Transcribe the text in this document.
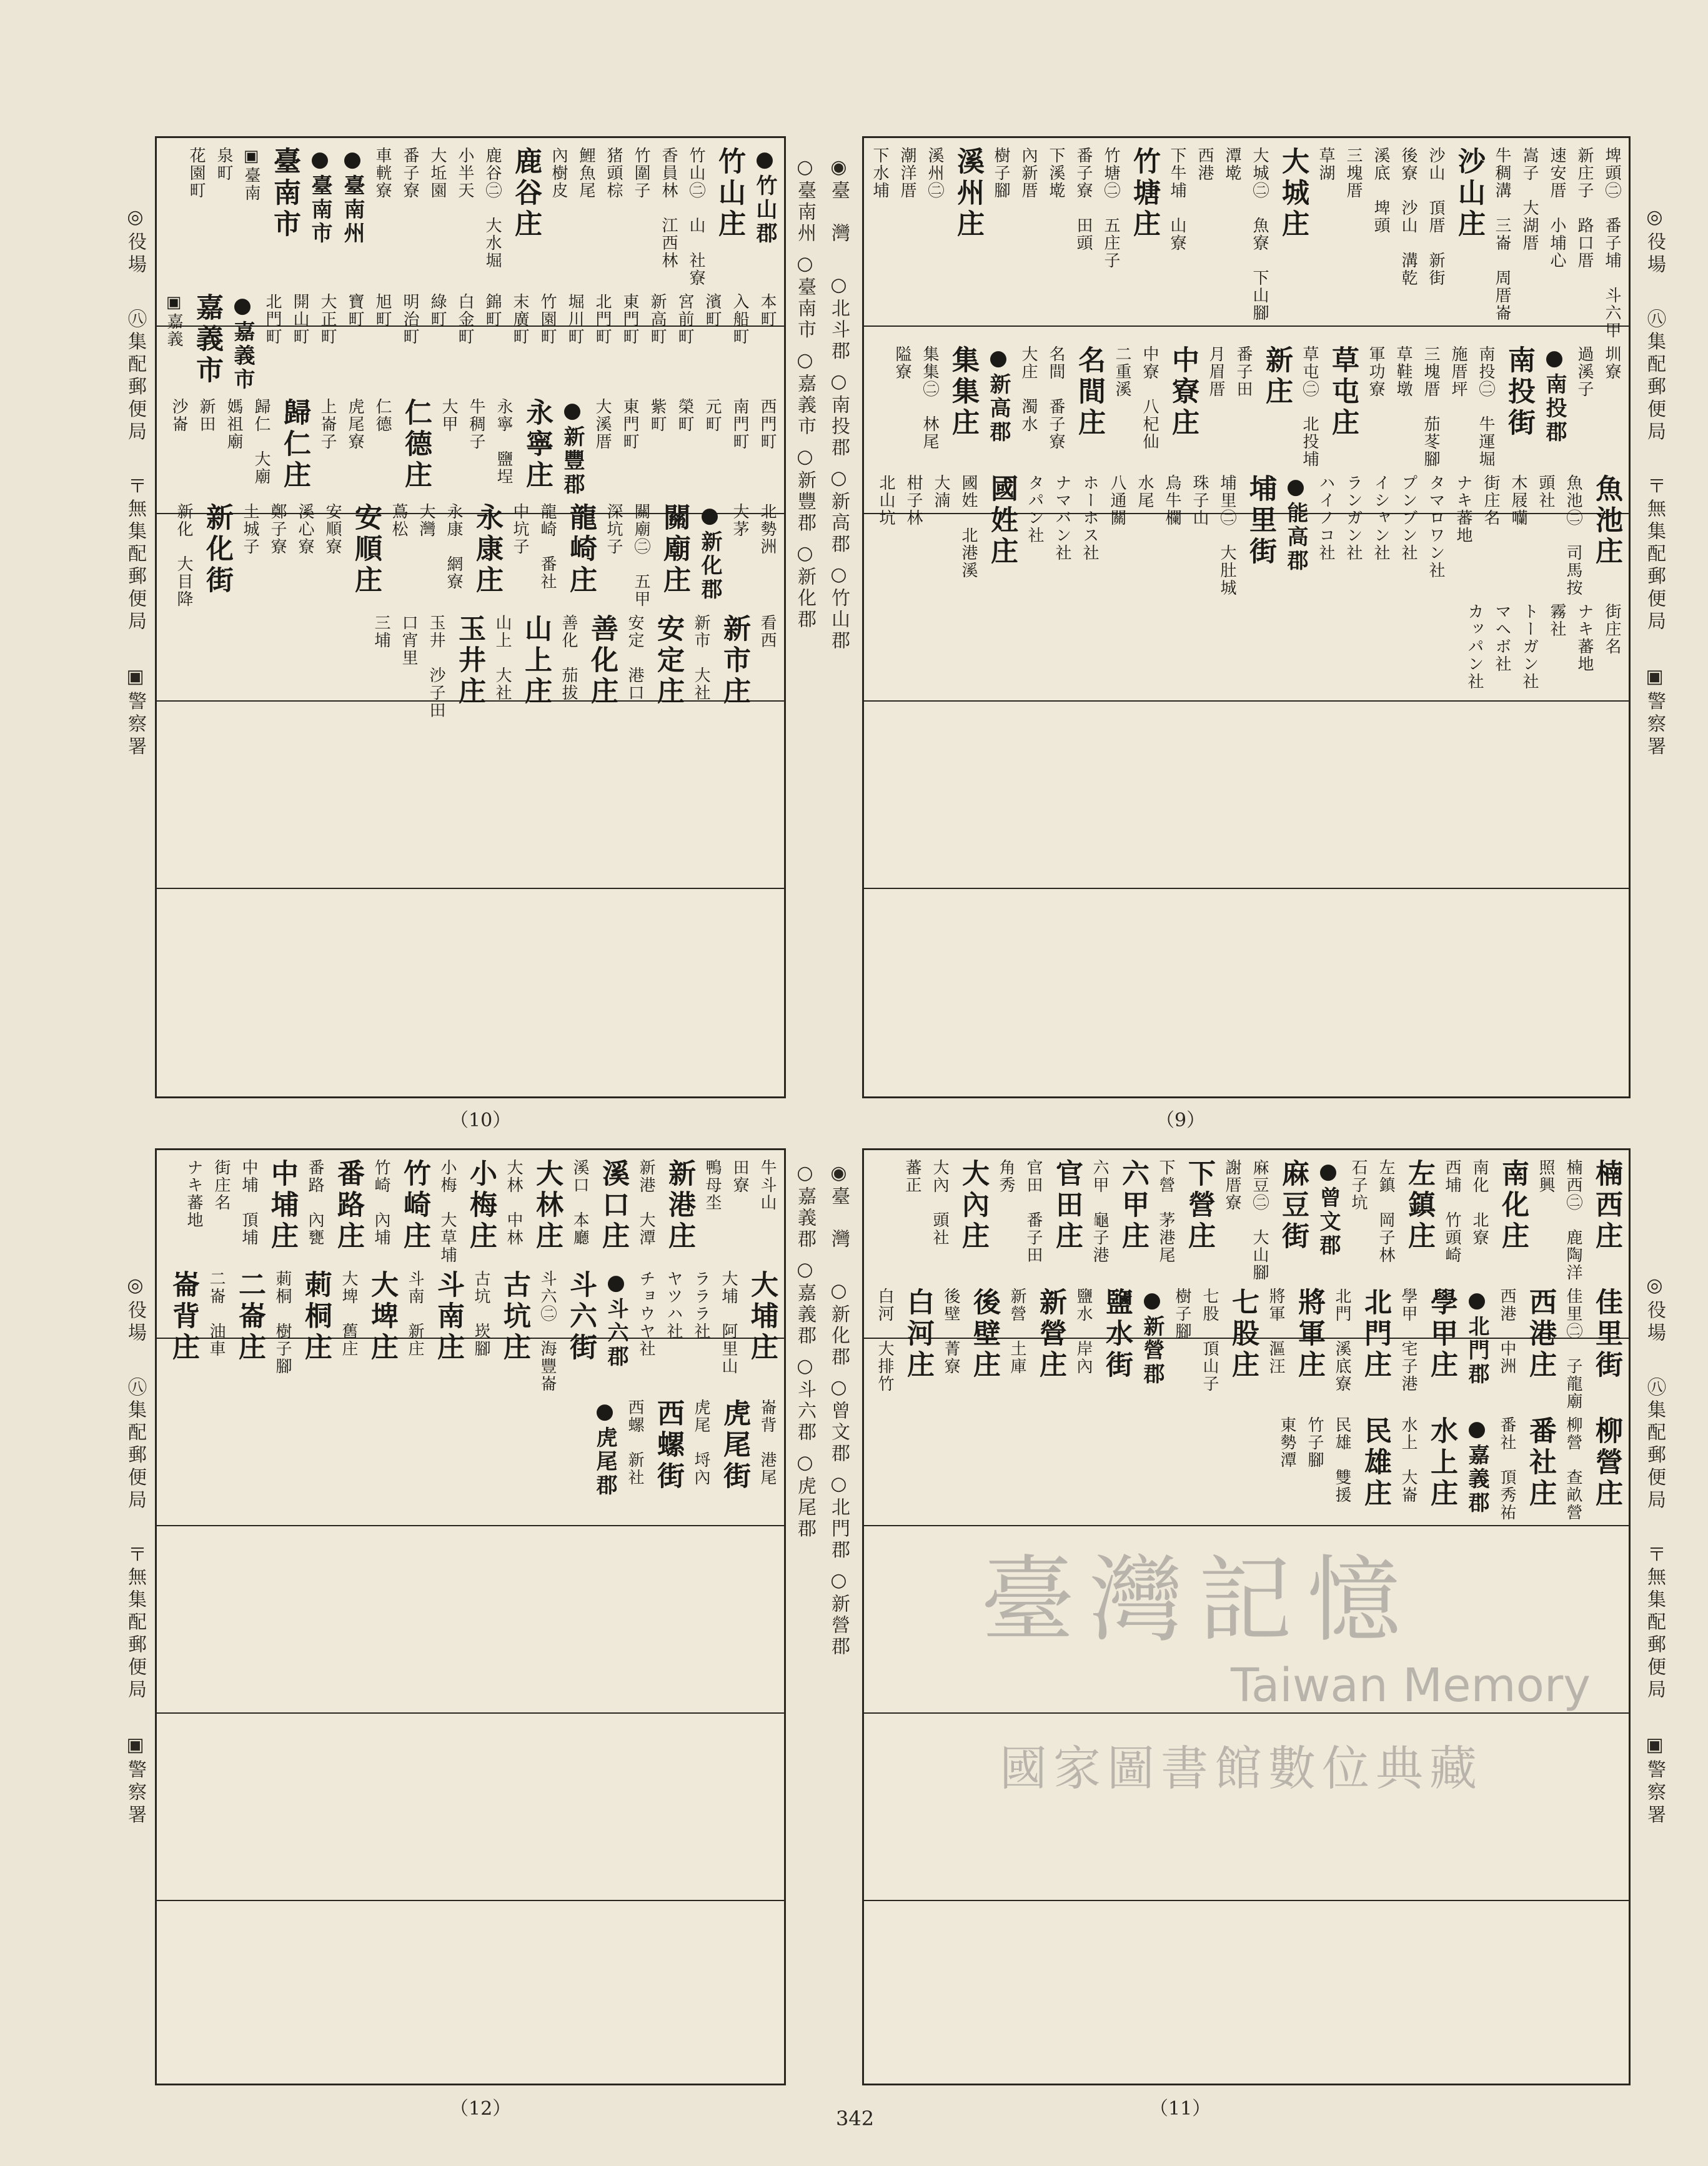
◎役場　 ㊇集配郵便局　 〒無集配郵便局　 ▣警察署
◎役場　 ㊇集配郵便局　 〒無集配郵便局　 ▣警察署
◎役場　 ㊇集配郵便局　 〒無集配郵便局　 ▣警察署
◎役場　 ㊇集配郵便局　 〒無集配郵便局　 ▣警察署
◉臺　灣　 ○北斗郡 ○南投郡 ○新高郡 ○竹山郡
○臺南州 ○臺南市 ○嘉義市 ○新豐郡 ○新化郡
◉臺　灣　 ○新化郡 ○曾文郡 ○北門郡 ○新營郡
○嘉義郡 ○嘉義郡 ○斗六郡 ○虎尾郡
●竹山郡
竹山庄
竹山㊁　山　社寮
香員林　江西林
竹圍子
猪頭棕
鯉魚尾
內樹皮
鹿谷庄
鹿谷㊁　大水堀
小半天
大坵園
番子寮
車輄寮
●臺南州
●臺南市
臺南市
▣臺南
泉町
花園町
本町
入船町
濱町
宮前町
新高町
東門町
北門町
堀川町
竹園町
末廣町
錦町
白金町
綠町
明治町
旭町
寶町
大正町
開山町
北門町
●嘉義市
嘉義市
▣嘉義
西門町
南門町
元町
榮町
紫町
東門町
大溪厝
●新豐郡
永寧庄
永寧　鹽埕
牛稠子
大甲
仁德庄
仁德
虎尾寮
上崙子
歸仁庄
歸仁　大廟
媽祖廟
新田
沙崙
北勢洲
大茅
●新化郡
關廟庄
關廟㊁　五甲
深坑子
龍崎庄
龍崎　番社
中坑子
永康庄
永康　網寮
大灣
蔦松
安順庄
安順寮
溪心寮
鄭子寮
土城子
新化街
新化　大目降
看西
新市庄
新市　大社
安定庄
安定　港口
善化庄
善化　茄拔
山上庄
山上　大社
玉井庄
玉井　沙子田
口宵里
三埔
（10）
埤頭㊁　番子埔　斗六甲
新庄子　路口厝
速安厝　小埔心
嵩子　大湖厝
牛稠溝　三崙　周厝崙
沙山庄
沙山　頂厝　新街
後寮　沙山　溝乾
溪底　埤頭
三塊厝
草湖
大城庄
大城㊁　魚寮　下山腳
潭墘
西港
下牛埔　山寮
竹塘庄
竹塘㊁　五庄子
番子寮　田頭
下溪墘
內新厝
樹子腳
溪州庄
溪州㊁
潮洋厝
下水埔
圳寮
過溪子
●南投郡
南投街
南投㊁　牛運堀
施厝坪
三塊厝　茄苳腳
草鞋墩
軍功寮
草屯庄
草屯㊁　北投埔
新庄
番子田
月眉厝
中寮庄
中寮　八杞仙
二重溪
名間庄
名間　番子寮
大庄　濁水
●新高郡
集集庄
集集㊁　林尾
隘寮
魚池庄
魚池㊁　司馬按
頭社
木屐囒
街庄名
ナキ蕃地
タマロワン社
プンブン社
イシャン社
ランガン社
ハイノコ社
●能高郡
埔里街
埔里㊁　大肚城
珠子山
烏牛欄
水尾
八通關
ホーホス社
ナマバン社
タパン社
國姓庄
國姓　北港溪
大湳
柑子林
北山坑
街庄名
ナキ蕃地
霧社
トーガン社
マヘボ社
カッパン社
（9）
牛斗山
田寮
鴨母坔
新港庄
新港　大潭
溪口庄
溪口　本廳
大林庄
大林　中林
小梅庄
小梅　大草埔
竹崎庄
竹崎　內埔
番路庄
番路　內甕
中埔庄
中埔　頂埔
街庄名
ナキ蕃地
大埔庄
大埔　阿里山
ラララ社
ヤツハ社
チョウヤ社
●斗六郡
斗六街
斗六㊁　海豐崙
古坑庄
古坑　崁腳
斗南庄
斗南　新庄
大埤庄
大埤　舊庄
莿桐庄
莿桐　樹子腳
二崙庄
二崙　油車
崙背庄
崙背　港尾
虎尾街
虎尾　埒內
西螺街
西螺　新社
●虎尾郡
（12）
楠西庄
楠西㊁　鹿陶洋
照興
南化庄
南化　北寮
西埔　竹頭崎
左鎮庄
左鎮　岡子林
石子坑
●曾文郡
麻豆街
麻豆㊁　大山腳
謝厝寮
下營庄
下營　茅港尾
六甲庄
六甲　龜子港
官田庄
官田　番子田
角秀
大內庄
大內　頭社
蕃正
佳里街
佳里㊁　子龍廟
西港庄
西港　中洲
●北門郡
學甲庄
學甲　宅子港
北門庄
北門　溪底寮
將軍庄
將軍　漚汪
七股庄
七股　頂山子
樹子腳
●新營郡
鹽水街
鹽水　岸內
新營庄
新營　土庫
後壁庄
後壁　菁寮
白河庄
白河　大排竹
柳營庄
柳營　查畝營
番社庄
番社　頂秀祐
●嘉義郡
水上庄
水上　大崙
民雄庄
民雄　雙援
竹子腳
東勢潭
（11）
342
臺灣記憶
Taiwan Memory
國家圖書館數位典藏
